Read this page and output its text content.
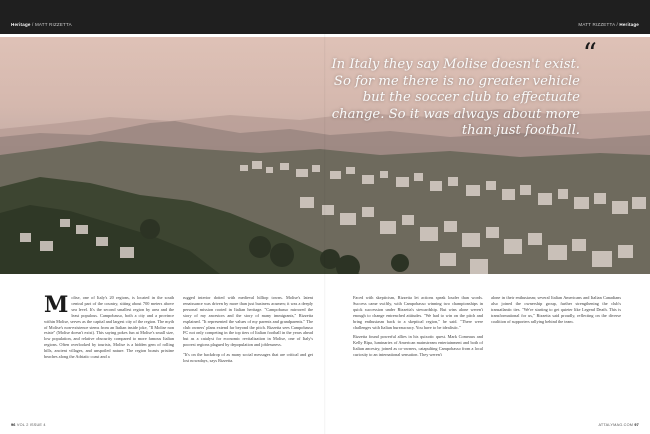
Heritage / MATT RIZZETTA	MATT RIZZETTA / Heritage
“

In Italy they say Molise doesn't exist. So for me there is no greater vehicle but the soccer club to effectuate change. So it was always about more than just football.

M olise, one of Italy's 20 regions, is located in the south central part of the country, sitting about 700 meters above sea level. It's the second smallest region by area and the least populous. Campobasso, both a city and a province within Molise, serves as the capital and largest city of the region. The myth of Molise's non-existence stems from an Italian inside joke, "Il Molise non esiste" (Molise doesn't exist). This saying pokes fun at Molise's small size, low population, and relative obscurity compared to more famous Italian regions. Often overlooked by tourists, Molise is a hidden gem of rolling hills, ancient villages, and unspoiled nature. The region boasts pristine beaches along the Adriatic coast and a

rugged interior dotted with medieval hilltop towns. Molise's latent renaissance was driven by more than just business acumen; it was a deeply personal mission rooted in Italian heritage. "Campobasso mirrored the story of my ancestors and the story of many immigrants," Rizzetta explained. "It represented the values of my parents and grandparents." The club owners' plans extend far beyond the pitch. Rizzetta sees Campobasso FC not only competing in the top tiers of Italian football in the years ahead but as a catalyst for economic revitalization in Molise, one of Italy's poorest regions plagued by depopulation and joblessness.

"It's on the backdrop of as many social messages that are critical and get lost nowadays, says Rizzetta.

Faced with skepticism, Rizzetta let actions speak louder than words. Success came swiftly, with Campobasso winning two championships in quick succession under Rizzetta's stewardship. But wins alone weren't enough to change entrenched attitudes. "We had to win on the pitch and bring enthusiasm back to a skeptical region," he said. "There were challenges with Italian bureaucracy. You have to be idealistic."

Rizzetta found powerful allies in his quixotic quest. Mark Comeaux and Kelly Ripa, luminaries of American mainstream entertainment and both of Italian ancestry, joined as co-owners, catapulting Campobasso from a local curiosity to an international sensation. They weren't

alone in their enthusiasm; several Italian Americans and Italian Canadians also joined the ownership group, further strengthening the club's transatlantic ties. "We're starting to get quieter like Legend Death. This is transformational for us," Rizzetta said proudly, reflecting on the diverse coalition of supporters rallying behind the team.

96 VOL 2 ISSUE 4	ATTALYMAG.COM 97
